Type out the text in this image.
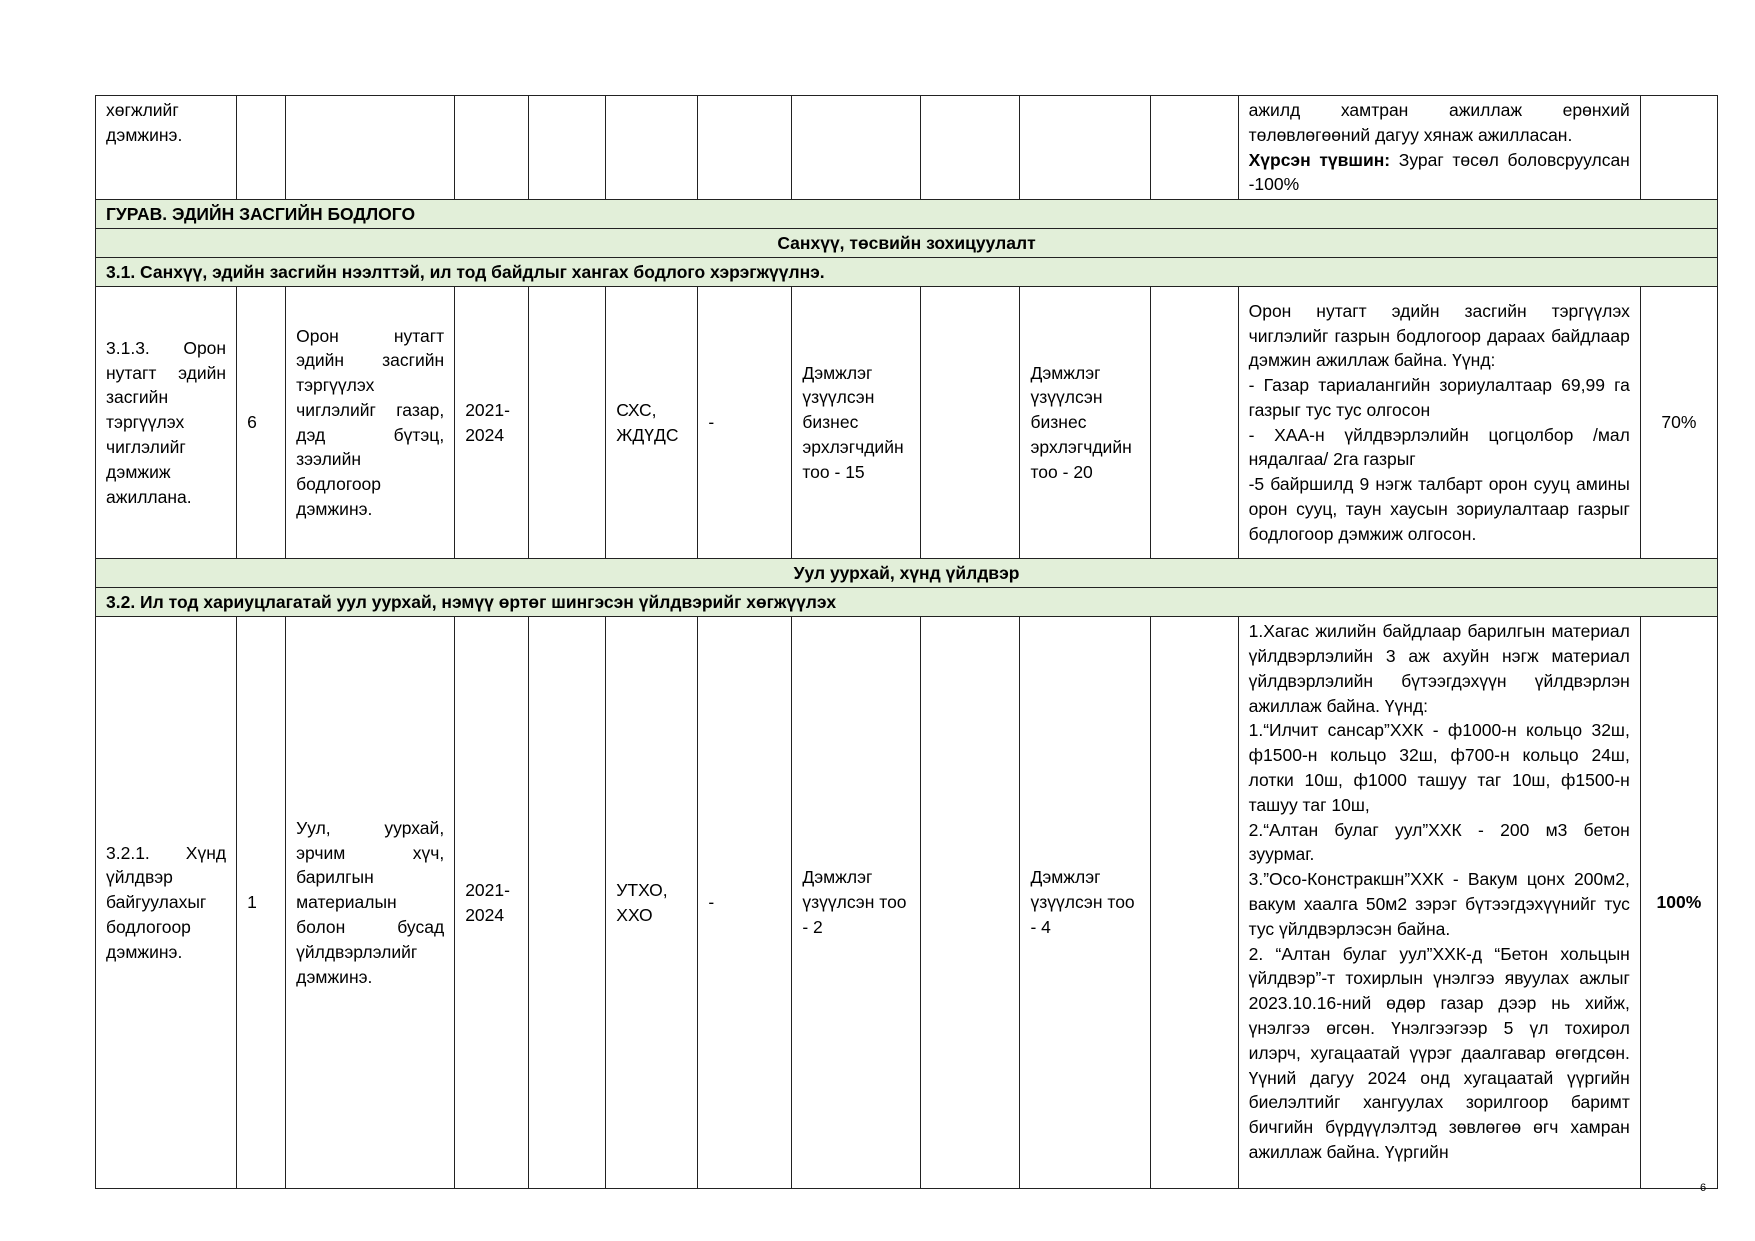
хөгжлийг дэмжинэ.											ажилд хамтран ажиллаж ерөнхий төлөвлөгөөний дагуу хянаж ажилласан.
Хүрсэн түвшин: Зураг төсөл боловсруулсан -100%	
ГУРАВ. ЭДИЙН ЗАСГИЙН БОДЛОГО												
Санхүү, төсвийн зохицуулалт												
3.1. Санхүү, эдийн засгийн нээлттэй, ил тод байдлыг хангах бодлого хэрэгжүүлнэ.												
3.1.3. Орон нутагт эдийн засгийн тэргүүлэх чиглэлийг дэмжиж ажиллана.	6	Орон нутагт эдийн засгийн тэргүүлэх чиглэлийг газар, дэд бүтэц, зээлийн бодлогоор дэмжинэ.	2021-2024		СХС, ЖДҮДС	-	Дэмжлэг үзүүлсэн бизнес эрхлэгчдийн тоо - 15		Дэмжлэг үзүүлсэн бизнес эрхлэгчдийн тоо - 20		Орон нутагт эдийн засгийн тэргүүлэх чиглэлийг газрын бодлогоор дараах байдлаар дэмжин ажиллаж байна. Үүнд:
- Газар тариалангийн зориулалтаар 69,99 га газрыг тус тус олгосон
- ХАА-н үйлдвэрлэлийн цогцолбор /мал нядалгаа/ 2га газрыг
-5 байршилд 9 нэгж талбарт орон сууц амины орон сууц, таун хаусын зориулалтаар газрыг бодлогоор дэмжиж олгосон.	70%
Уул уурхай, хүнд үйлдвэр												
3.2. Ил тод хариуцлагатай уул уурхай, нэмүү өртөг шингэсэн үйлдвэрийг хөгжүүлэх												
3.2.1. Хүнд үйлдвэр байгуулахыг бодлогоор дэмжинэ.	1	Уул, уурхай, эрчим хүч, барилгын материалын болон бусад үйлдвэрлэлийг дэмжинэ.	2021-2024		УТХО, ХХО	-	Дэмжлэг үзүүлсэн тоо - 2		Дэмжлэг үзүүлсэн тоо - 4		1.Хагас жилийн байдлаар барилгын материал үйлдвэрлэлийн 3 аж ахуйн нэгж материал үйлдвэрлэлийн бүтээгдэхүүн үйлдвэрлэн ажиллаж байна. Үүнд:
1.“Илчит сансар”ХХК - ф1000-н кольцо 32ш, ф1500-н кольцо 32ш, ф700-н кольцо 24ш, лотки 10ш, ф1000 ташуу таг 10ш, ф1500-н ташуу таг 10ш,
2.“Алтан булаг уул”ХХК - 200 м3 бетон зуурмаг.
3.”Осо-Констракшн”ХХК - Вакум цонх 200м2, вакум хаалга 50м2 зэрэг бүтээгдэхүүнийг тус тус үйлдвэрлэсэн байна.
2. “Алтан булаг уул”ХХК-д “Бетон хольцын үйлдвэр”-т тохирлын үнэлгээ явуулах ажлыг 2023.10.16-ний өдөр газар дээр нь хийж, үнэлгээ өгсөн. Үнэлгээгээр 5 үл тохирол илэрч, хугацаатай үүрэг даалгавар өгөгдсөн. Үүний дагуу 2024 онд хугацаатай үүргийн биелэлтийг хангуулах зорилгоор баримт бичгийн бүрдүүлэлтэд зөвлөгөө өгч хамран ажиллаж байна. Үүргийн	100%
6
